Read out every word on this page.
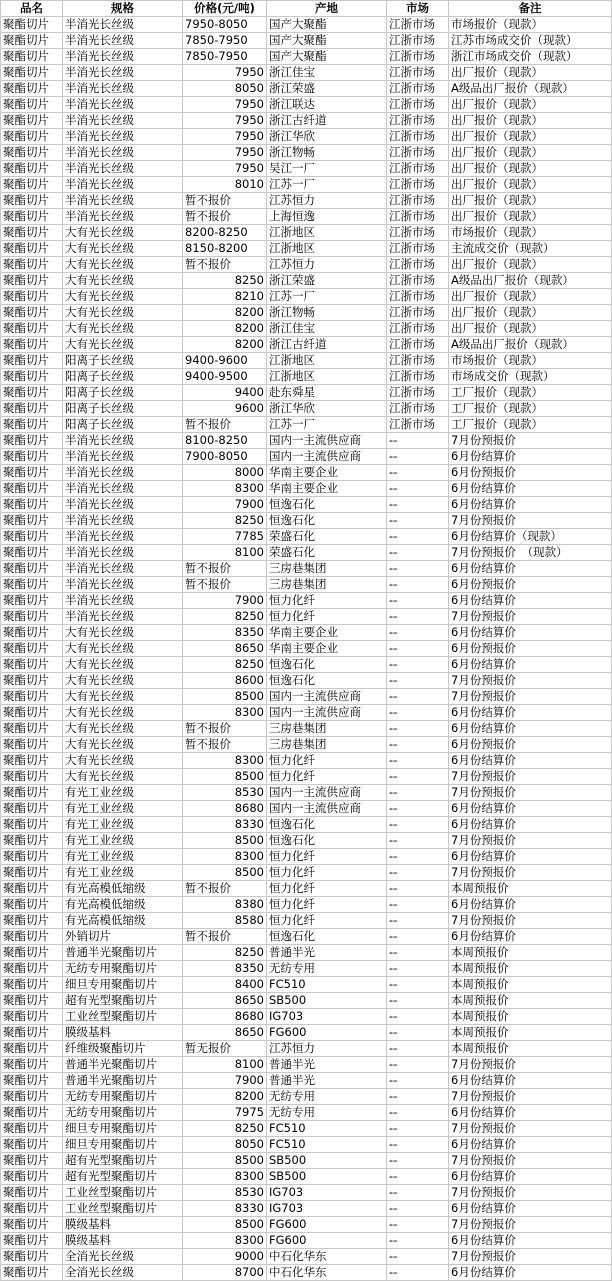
品名	规格	价格(元/吨)	产地	市场	备注
聚酯切片	半消光长丝级	7950-8050	国产大聚酯	江浙市场	市场报价（现款）
聚酯切片	半消光长丝级	7850-7950	国产大聚酯	江浙市场	江苏市场成交价（现款）
聚酯切片	半消光长丝级	7850-7950	国产大聚酯	江浙市场	浙江市场成交价（现款）
聚酯切片	半消光长丝级	7950	浙江佳宝	江浙市场	出厂报价（现款）
聚酯切片	半消光长丝级	8050	浙江荣盛	江浙市场	A级品出厂报价（现款）
聚酯切片	半消光长丝级	7950	浙江联达	江浙市场	出厂报价（现款）
聚酯切片	半消光长丝级	7950	浙江古纤道	江浙市场	出厂报价（现款）
聚酯切片	半消光长丝级	7950	浙江华欣	江浙市场	出厂报价（现款）
聚酯切片	半消光长丝级	7950	浙江物畅	江浙市场	出厂报价（现款）
聚酯切片	半消光长丝级	7950	吴江一厂	江浙市场	出厂报价（现款）
聚酯切片	半消光长丝级	8010	江苏一厂	江浙市场	出厂报价（现款）
聚酯切片	半消光长丝级	暂不报价	江苏恒力	江浙市场	出厂报价（现款）
聚酯切片	半消光长丝级	暂不报价	上海恒逸	江浙市场	出厂报价（现款）
聚酯切片	大有光长丝级	8200-8250	江浙地区	江浙市场	市场报价（现款）
聚酯切片	大有光长丝级	8150-8200	江浙地区	江浙市场	主流成交价（现款）
聚酯切片	大有光长丝级	暂不报价	江苏恒力	江浙市场	出厂报价（现款）
聚酯切片	大有光长丝级	8250	浙江荣盛	江浙市场	A级品出厂报价（现款）
聚酯切片	大有光长丝级	8210	江苏一厂	江浙市场	出厂报价（现款）
聚酯切片	大有光长丝级	8200	浙江物畅	江浙市场	出厂报价（现款）
聚酯切片	大有光长丝级	8200	浙江佳宝	江浙市场	出厂报价（现款）
聚酯切片	大有光长丝级	8200	浙江古纤道	江浙市场	A级品出厂报价（现款）
聚酯切片	阳离子长丝级	9400-9600	江浙地区	江浙市场	市场报价（现款）
聚酯切片	阳离子长丝级	9400-9500	江浙地区	江浙市场	市场成交价（现款）
聚酯切片	阳离子长丝级	9400	赴东舜星	江浙市场	工厂报价（现款）
聚酯切片	阳离子长丝级	9600	浙江华欣	江浙市场	工厂报价（现款）
聚酯切片	阳离子长丝级	暂不报价	江苏一厂	江浙市场	工厂报价（现款）
聚酯切片	半消光长丝级	8100-8250	国内一主流供应商	--	7月份预报价
聚酯切片	半消光长丝级	7900-8050	国内一主流供应商	--	6月份结算价
聚酯切片	半消光长丝级	8000	华南主要企业	--	6月份预报价
聚酯切片	半消光长丝级	8300	华南主要企业	--	6月份结算价
聚酯切片	半消光长丝级	7900	恒逸石化	--	6月份结算价
聚酯切片	半消光长丝级	8250	恒逸石化	--	7月份预报价
聚酯切片	半消光长丝级	7785	荣盛石化	--	6月份结算价（现款）
聚酯切片	半消光长丝级	8100	荣盛石化	--	7月份预报价　（现款）
聚酯切片	半消光长丝级	暂不报价	三房巷集团	--	6月份结算价
聚酯切片	半消光长丝级	暂不报价	三房巷集团	--	6月份预报价
聚酯切片	半消光长丝级	7900	恒力化纤	--	6月份结算价
聚酯切片	半消光长丝级	8250	恒力化纤	--	7月份预报价
聚酯切片	大有光长丝级	8350	华南主要企业	--	6月份结算价
聚酯切片	大有光长丝级	8650	华南主要企业	--	6月份预报价
聚酯切片	大有光长丝级	8250	恒逸石化	--	6月份结算价
聚酯切片	大有光长丝级	8600	恒逸石化	--	7月份预报价
聚酯切片	大有光长丝级	8500	国内一主流供应商	--	7月份预报价
聚酯切片	大有光长丝级	8300	国内一主流供应商	--	6月份结算价
聚酯切片	大有光长丝级	暂不报价	三房巷集团	--	6月份结算价
聚酯切片	大有光长丝级	暂不报价	三房巷集团	--	6月份预报价
聚酯切片	大有光长丝级	8300	恒力化纤	--	6月份结算价
聚酯切片	大有光长丝级	8500	恒力化纤	--	7月份预报价
聚酯切片	有光工业丝级	8530	国内一主流供应商	--	7月份预报价
聚酯切片	有光工业丝级	8680	国内一主流供应商	--	6月份结算价
聚酯切片	有光工业丝级	8330	恒逸石化	--	6月份结算价
聚酯切片	有光工业丝级	8500	恒逸石化	--	7月份预报价
聚酯切片	有光工业丝级	8300	恒力化纤	--	6月份结算价
聚酯切片	有光工业丝级	8500	恒力化纤	--	7月份预报价
聚酯切片	有光高模低缩级	暂不报价	恒力化纤	--	本周预报价
聚酯切片	有光高模低缩级	8380	恒力化纤	--	6月份结算价
聚酯切片	有光高模低缩级	8580	恒力化纤	--	7月份预报价
聚酯切片	外销切片	暂不报价	恒逸石化	--	6月份结算价
聚酯切片	普通半光聚酯切片	8250	普通半光	--	本周预报价
聚酯切片	无纺专用聚酯切片	8350	无纺专用	--	本周预报价
聚酯切片	细旦专用聚酯切片	8400	FC510	--	本周预报价
聚酯切片	超有光型聚酯切片	8650	SB500	--	本周预报价
聚酯切片	工业丝型聚酯切片	8680	IG703	--	本周预报价
聚酯切片	膜级基料	8650	FG600	--	本周预报价
聚酯切片	纤维级聚酯切片	暂无报价	江苏恒力	--	本周预报价
聚酯切片	普通半光聚酯切片	8100	普通半光	--	7月份预报价
聚酯切片	普通半光聚酯切片	7900	普通半光	--	6月份结算价
聚酯切片	无纺专用聚酯切片	8200	无纺专用	--	7月份预报价
聚酯切片	无纺专用聚酯切片	7975	无纺专用	--	6月份结算价
聚酯切片	细旦专用聚酯切片	8250	FC510	--	7月份预报价
聚酯切片	细旦专用聚酯切片	8050	FC510	--	6月份结算价
聚酯切片	超有光型聚酯切片	8500	SB500	--	7月份预报价
聚酯切片	超有光型聚酯切片	8300	SB500	--	6月份结算价
聚酯切片	工业丝型聚酯切片	8530	IG703	--	7月份预报价
聚酯切片	工业丝型聚酯切片	8330	IG703	--	6月份结算价
聚酯切片	膜级基料	8500	FG600	--	7月份预报价
聚酯切片	膜级基料	8300	FG600	--	6月份结算价
聚酯切片	全消光长丝级	9000	中石化华东	--	7月份预报价
聚酯切片	全消光长丝级	8700	中石化华东	--	6月份结算价
